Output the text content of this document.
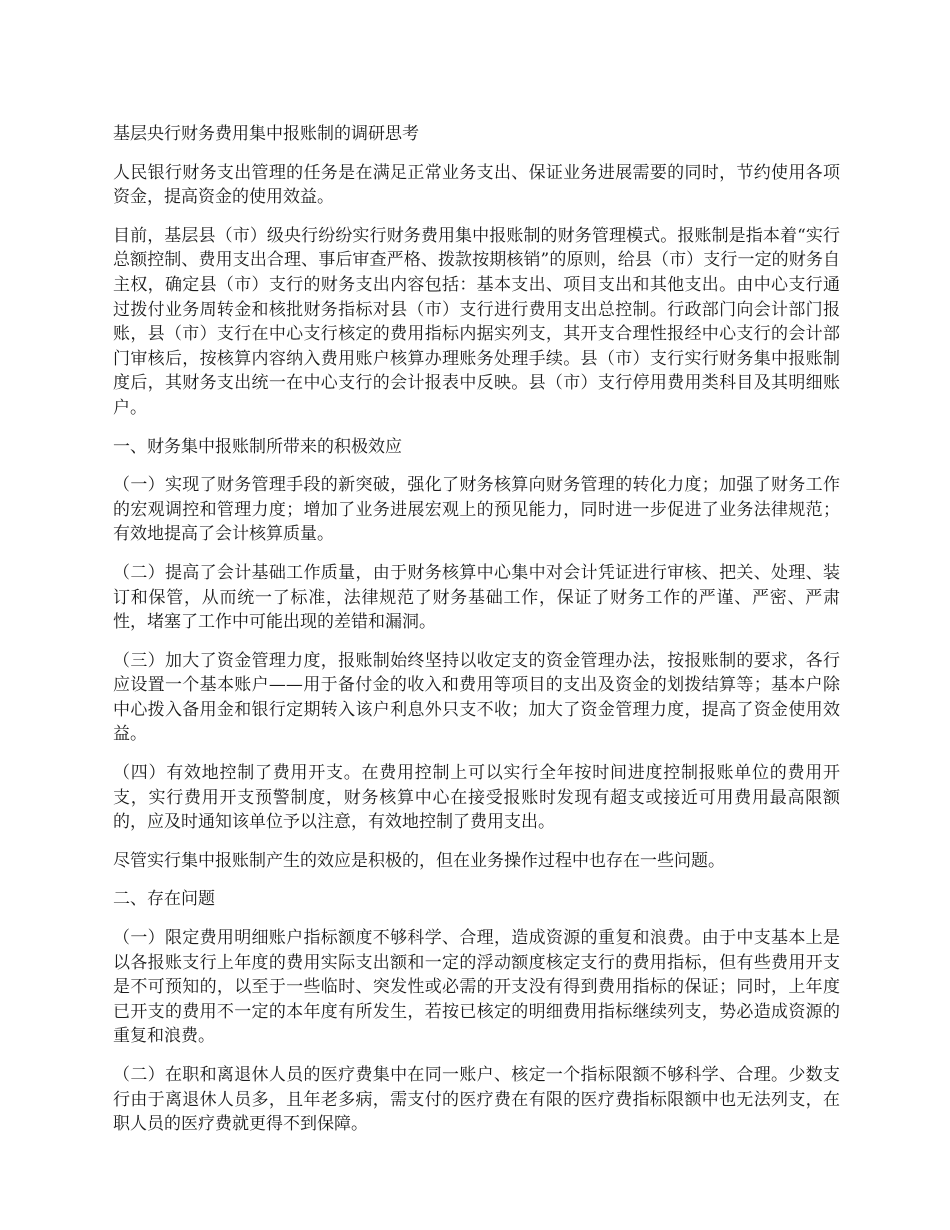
基层央行财务费用集中报账制的调研思考

人民银行财务支出管理的任务是在满足正常业务支出、保证业务进展需要的同时，节约使用各项资金，提高资金的使用效益。

目前，基层县（市）级央行纷纷实行财务费用集中报账制的财务管理模式。报账制是指本着“实行总额控制、费用支出合理、事后审查严格、拨款按期核销”的原则，给县（市）支行一定的财务自主权，确定县（市）支行的财务支出内容包括：基本支出、项目支出和其他支出。由中心支行通过拨付业务周转金和核批财务指标对县（市）支行进行费用支出总控制。行政部门向会计部门报账，县（市）支行在中心支行核定的费用指标内据实列支，其开支合理性报经中心支行的会计部门审核后，按核算内容纳入费用账户核算办理账务处理手续。县（市）支行实行财务集中报账制度后，其财务支出统一在中心支行的会计报表中反映。县（市）支行停用费用类科目及其明细账户。

一、财务集中报账制所带来的积极效应

（一）实现了财务管理手段的新突破，强化了财务核算向财务管理的转化力度；加强了财务工作的宏观调控和管理力度；增加了业务进展宏观上的预见能力，同时进一步促进了业务法律规范；有效地提高了会计核算质量。

（二）提高了会计基础工作质量，由于财务核算中心集中对会计凭证进行审核、把关、处理、装订和保管，从而统一了标准，法律规范了财务基础工作，保证了财务工作的严谨、严密、严肃性，堵塞了工作中可能出现的差错和漏洞。

（三）加大了资金管理力度，报账制始终坚持以收定支的资金管理办法，按报账制的要求，各行应设置一个基本账户——用于备付金的收入和费用等项目的支出及资金的划拨结算等；基本户除中心拨入备用金和银行定期转入该户利息外只支不收；加大了资金管理力度，提高了资金使用效益。

（四）有效地控制了费用开支。在费用控制上可以实行全年按时间进度控制报账单位的费用开支，实行费用开支预警制度，财务核算中心在接受报账时发现有超支或接近可用费用最高限额的，应及时通知该单位予以注意，有效地控制了费用支出。

尽管实行集中报账制产生的效应是积极的，但在业务操作过程中也存在一些问题。

二、存在问题

（一）限定费用明细账户指标额度不够科学、合理，造成资源的重复和浪费。由于中支基本上是以各报账支行上年度的费用实际支出额和一定的浮动额度核定支行的费用指标，但有些费用开支是不可预知的，以至于一些临时、突发性或必需的开支没有得到费用指标的保证；同时，上年度已开支的费用不一定的本年度有所发生，若按已核定的明细费用指标继续列支，势必造成资源的重复和浪费。

（二）在职和离退休人员的医疗费集中在同一账户、核定一个指标限额不够科学、合理。少数支行由于离退休人员多，且年老多病，需支付的医疗费在有限的医疗费指标限额中也无法列支，在职人员的医疗费就更得不到保障。
